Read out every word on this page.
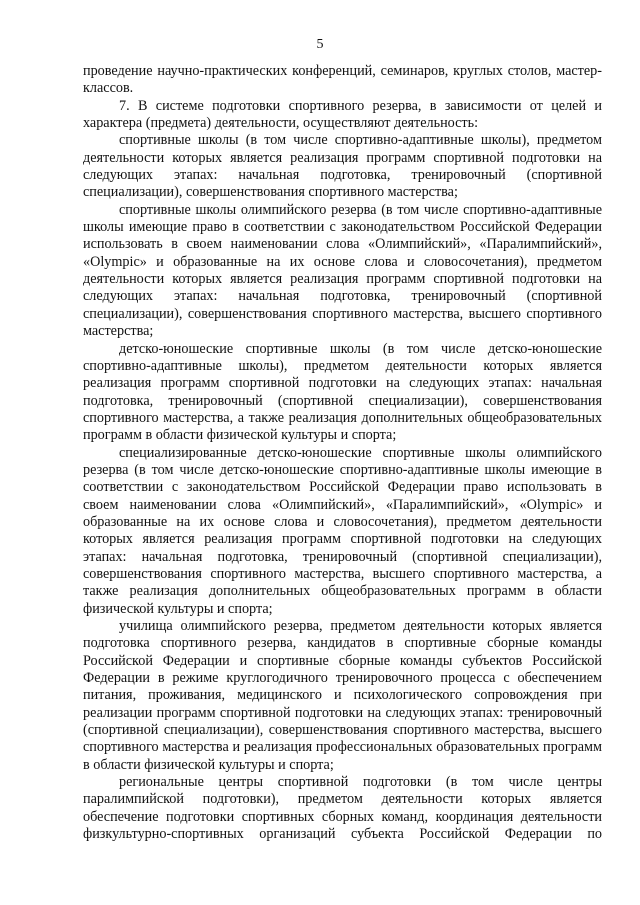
5

проведение научно-практических конференций, семинаров, круглых столов, мастер-классов.

7. В системе подготовки спортивного резерва, в зависимости от целей и характера (предмета) деятельности, осуществляют деятельность:

спортивные школы (в том числе спортивно-адаптивные школы), предметом деятельности которых является реализация программ спортивной подготовки на следующих этапах: начальная подготовка, тренировочный (спортивной специализации), совершенствования спортивного мастерства;

спортивные школы олимпийского резерва (в том числе спортивно-адаптивные школы имеющие право в соответствии с законодательством Российской Федерации использовать в своем наименовании слова «Олимпийский», «Паралимпийский», «Olympic» и образованные на их основе слова и словосочетания), предметом деятельности которых является реализация программ спортивной подготовки на следующих этапах: начальная подготовка, тренировочный (спортивной специализации), совершенствования спортивного мастерства, высшего спортивного мастерства;

детско-юношеские спортивные школы (в том числе детско-юношеские спортивно-адаптивные школы), предметом деятельности которых является реализация программ спортивной подготовки на следующих этапах: начальная подготовка, тренировочный (спортивной специализации), совершенствования спортивного мастерства, а также реализация дополнительных общеобразовательных программ в области физической культуры и спорта;

специализированные детско-юношеские спортивные школы олимпийского резерва (в том числе детско-юношеские спортивно-адаптивные школы имеющие в соответствии с законодательством Российской Федерации право использовать в своем наименовании слова «Олимпийский», «Паралимпийский», «Olympic» и образованные на их основе слова и словосочетания), предметом деятельности которых является реализация программ спортивной подготовки на следующих этапах: начальная подготовка, тренировочный (спортивной специализации), совершенствования спортивного мастерства, высшего спортивного мастерства, а также реализация дополнительных общеобразовательных программ в области физической культуры и спорта;

училища олимпийского резерва, предметом деятельности которых является подготовка спортивного резерва, кандидатов в спортивные сборные команды Российской Федерации и спортивные сборные команды субъектов Российской Федерации в режиме круглогодичного тренировочного процесса с обеспечением питания, проживания, медицинского и психологического сопровождения при реализации программ спортивной подготовки на следующих этапах: тренировочный (спортивной специализации), совершенствования спортивного мастерства, высшего спортивного мастерства и реализация профессиональных образовательных программ в области физической культуры и спорта;

региональные центры спортивной подготовки (в том числе центры паралимпийской подготовки), предметом деятельности которых является обеспечение подготовки спортивных сборных команд, координация деятельности физкультурно-спортивных организаций субъекта Российской Федерации по
